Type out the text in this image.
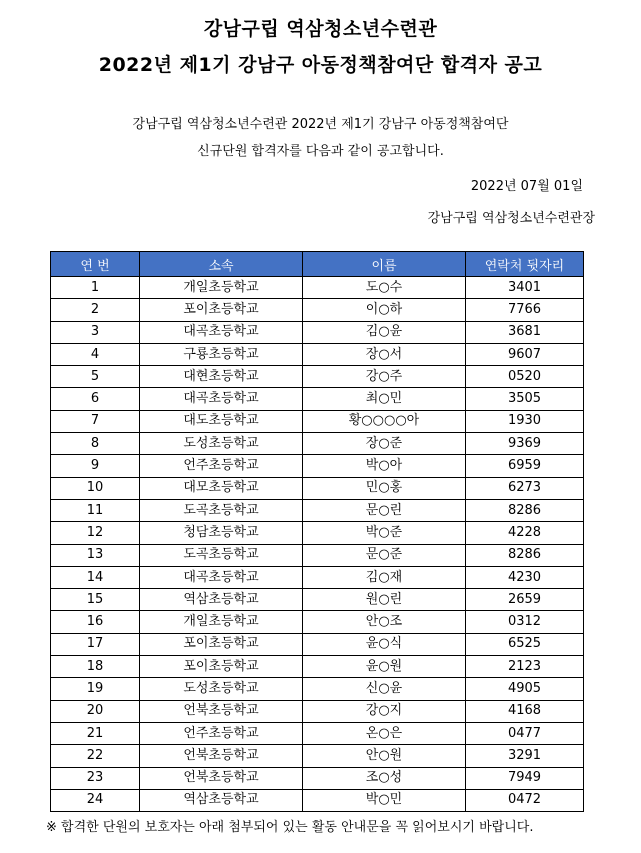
강남구립 역삼청소년수련관
2022년 제1기 강남구 아동정책참여단 합격자 공고
강남구립 역삼청소년수련관 2022년 제1기 강남구 아동정책참여단
신규단원 합격자를 다음과 같이 공고합니다.
2022년 07월 01일
강남구립 역삼청소년수련관장
연 번	소속	이름	연락처 뒷자리
1	개일초등학교	도○수	3401
2	포이초등학교	이○하	7766
3	대곡초등학교	김○윤	3681
4	구룡초등학교	장○서	9607
5	대현초등학교	강○주	0520
6	대곡초등학교	최○민	3505
7	대도초등학교	황○○○○아	1930
8	도성초등학교	장○준	9369
9	언주초등학교	박○아	6959
10	대모초등학교	민○홍	6273
11	도곡초등학교	문○린	8286
12	청담초등학교	박○준	4228
13	도곡초등학교	문○준	8286
14	대곡초등학교	김○재	4230
15	역삼초등학교	원○린	2659
16	개일초등학교	안○조	0312
17	포이초등학교	윤○식	6525
18	포이초등학교	윤○원	2123
19	도성초등학교	신○윤	4905
20	언북초등학교	강○지	4168
21	언주초등학교	온○은	0477
22	언북초등학교	안○원	3291
23	언북초등학교	조○성	7949
24	역삼초등학교	박○민	0472
※ 합격한 단원의 보호자는 아래 첨부되어 있는 활동 안내문을 꼭 읽어보시기 바랍니다.
